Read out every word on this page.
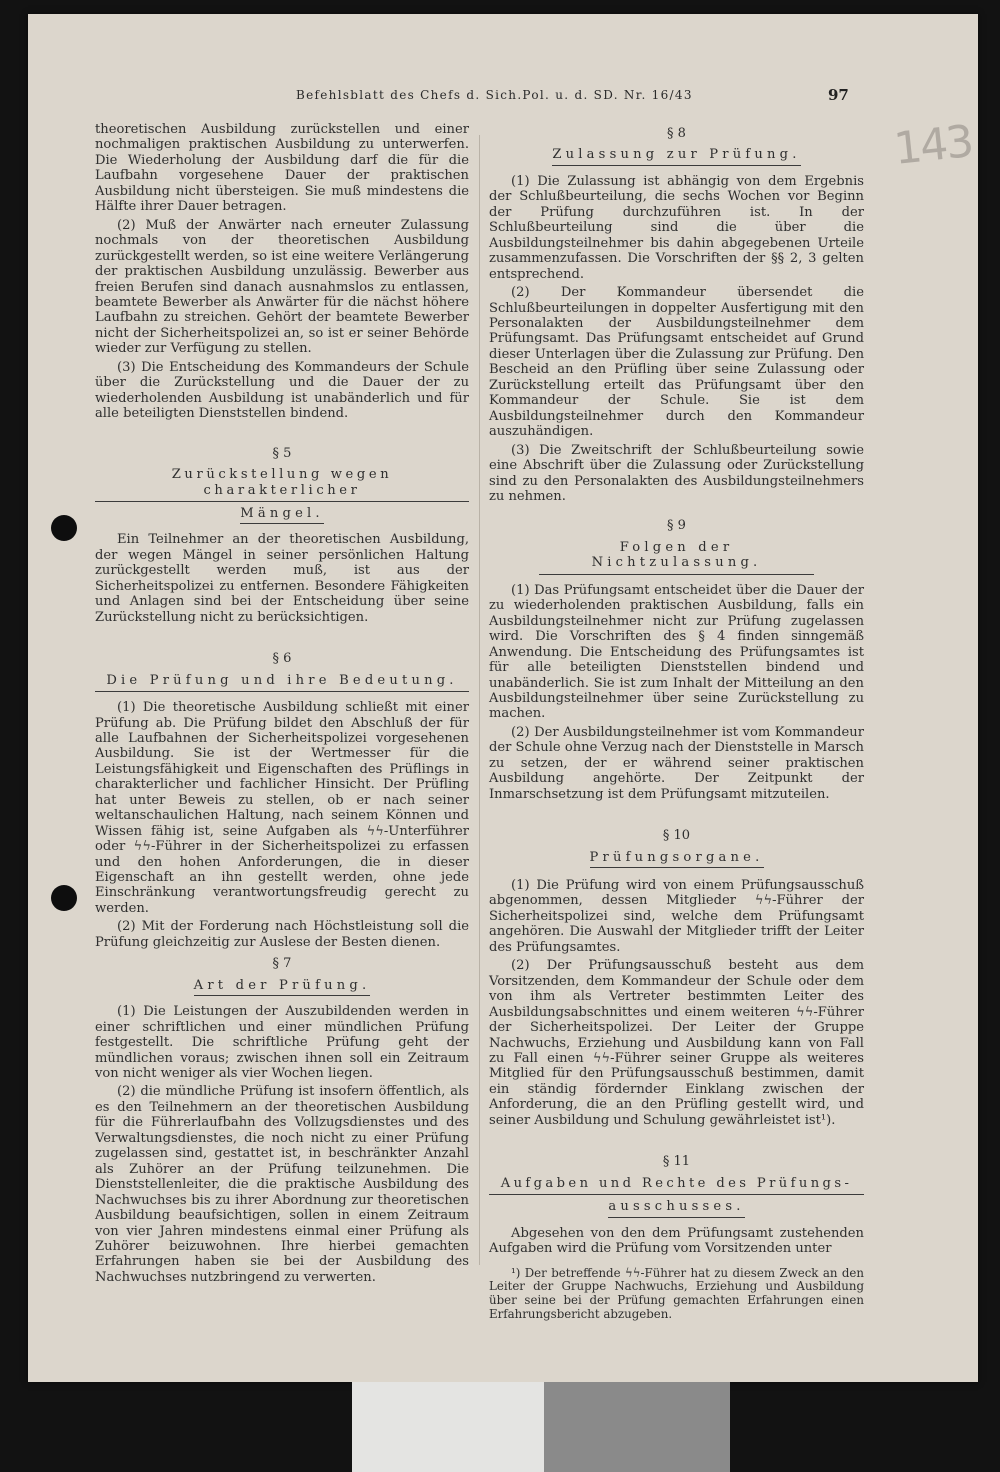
Befehlsblatt des Chefs d. Sich.Pol. u. d. SD. Nr. 16/43	97
143

theoretischen Ausbildung zurückstellen und einer nochmaligen praktischen Ausbildung zu unterwerfen. Die Wiederholung der Ausbildung darf die für die Laufbahn vorgesehene Dauer der praktischen Ausbildung nicht übersteigen. Sie muß mindestens die Hälfte ihrer Dauer betragen.

(2) Muß der Anwärter nach erneuter Zulassung nochmals von der theoretischen Ausbildung zurückgestellt werden, so ist eine weitere Verlängerung der praktischen Ausbildung unzulässig. Bewerber aus freien Berufen sind danach ausnahmslos zu entlassen, beamtete Bewerber als Anwärter für die nächst höhere Laufbahn zu streichen. Gehört der beamtete Bewerber nicht der Sicherheitspolizei an, so ist er seiner Behörde wieder zur Verfügung zu stellen.

(3) Die Entscheidung des Kommandeurs der Schule über die Zurückstellung und die Dauer der zu wiederholenden Ausbildung ist unabänderlich und für alle beteiligten Dienststellen bindend.

§ 5
Zurückstellung wegen charakterlicher
Mängel.

Ein Teilnehmer an der theoretischen Ausbildung, der wegen Mängel in seiner persönlichen Haltung zurückgestellt werden muß, ist aus der Sicherheitspolizei zu entfernen. Besondere Fähigkeiten und Anlagen sind bei der Entscheidung über seine Zurückstellung nicht zu berücksichtigen.

§ 6
Die Prüfung und ihre Bedeutung.

(1) Die theoretische Ausbildung schließt mit einer Prüfung ab. Die Prüfung bildet den Abschluß der für alle Laufbahnen der Sicherheitspolizei vorgesehenen Ausbildung. Sie ist der Wertmesser für die Leistungsfähigkeit und Eigenschaften des Prüflings in charakterlicher und fachlicher Hinsicht. Der Prüfling hat unter Beweis zu stellen, ob er nach seiner weltanschaulichen Haltung, nach seinem Können und Wissen fähig ist, seine Aufgaben als ϟϟ-Unterführer oder ϟϟ-Führer in der Sicherheitspolizei zu erfassen und den hohen Anforderungen, die in dieser Eigenschaft an ihn gestellt werden, ohne jede Einschränkung verantwortungsfreudig gerecht zu werden.

(2) Mit der Forderung nach Höchstleistung soll die Prüfung gleichzeitig zur Auslese der Besten dienen.

§ 7
Art der Prüfung.

(1) Die Leistungen der Auszubildenden werden in einer schriftlichen und einer mündlichen Prüfung festgestellt. Die schriftliche Prüfung geht der mündlichen voraus; zwischen ihnen soll ein Zeitraum von nicht weniger als vier Wochen liegen.

(2) die mündliche Prüfung ist insofern öffentlich, als es den Teilnehmern an der theoretischen Ausbildung für die Führerlaufbahn des Vollzugsdienstes und des Verwaltungsdienstes, die noch nicht zu einer Prüfung zugelassen sind, gestattet ist, in beschränkter Anzahl als Zuhörer an der Prüfung teilzunehmen. Die Dienststellenleiter, die die praktische Ausbildung des Nachwuchses bis zu ihrer Abordnung zur theoretischen Ausbildung beaufsichtigen, sollen in einem Zeitraum von vier Jahren mindestens einmal einer Prüfung als Zuhörer beizuwohnen. Ihre hierbei gemachten Erfahrungen haben sie bei der Ausbildung des Nachwuchses nutzbringend zu verwerten.

§ 8
Zulassung zur Prüfung.

(1) Die Zulassung ist abhängig von dem Ergebnis der Schlußbeurteilung, die sechs Wochen vor Beginn der Prüfung durchzuführen ist. In der Schlußbeurteilung sind die über die Ausbildungsteilnehmer bis dahin abgegebenen Urteile zusammenzufassen. Die Vorschriften der §§ 2, 3 gelten entsprechend.

(2) Der Kommandeur übersendet die Schlußbeurteilungen in doppelter Ausfertigung mit den Personalakten der Ausbildungsteilnehmer dem Prüfungsamt. Das Prüfungsamt entscheidet auf Grund dieser Unterlagen über die Zulassung zur Prüfung. Den Bescheid an den Prüfling über seine Zulassung oder Zurückstellung erteilt das Prüfungsamt über den Kommandeur der Schule. Sie ist dem Ausbildungsteilnehmer durch den Kommandeur auszuhändigen.

(3) Die Zweitschrift der Schlußbeurteilung sowie eine Abschrift über die Zulassung oder Zurückstellung sind zu den Personalakten des Ausbildungsteilnehmers zu nehmen.

§ 9
Folgen der Nichtzulassung.

(1) Das Prüfungsamt entscheidet über die Dauer der zu wiederholenden praktischen Ausbildung, falls ein Ausbildungsteilnehmer nicht zur Prüfung zugelassen wird. Die Vorschriften des § 4 finden sinngemäß Anwendung. Die Entscheidung des Prüfungsamtes ist für alle beteiligten Dienststellen bindend und unabänderlich. Sie ist zum Inhalt der Mitteilung an den Ausbildungsteilnehmer über seine Zurückstellung zu machen.

(2) Der Ausbildungsteilnehmer ist vom Kommandeur der Schule ohne Verzug nach der Dienststelle in Marsch zu setzen, der er während seiner praktischen Ausbildung angehörte. Der Zeitpunkt der Inmarschsetzung ist dem Prüfungsamt mitzuteilen.

§ 10
Prüfungsorgane.

(1) Die Prüfung wird von einem Prüfungsausschuß abgenommen, dessen Mitglieder ϟϟ-Führer der Sicherheitspolizei sind, welche dem Prüfungsamt angehören. Die Auswahl der Mitglieder trifft der Leiter des Prüfungsamtes.

(2) Der Prüfungsausschuß besteht aus dem Vorsitzenden, dem Kommandeur der Schule oder dem von ihm als Vertreter bestimmten Leiter des Ausbildungsabschnittes und einem weiteren ϟϟ-Führer der Sicherheitspolizei. Der Leiter der Gruppe Nachwuchs, Erziehung und Ausbildung kann von Fall zu Fall einen ϟϟ-Führer seiner Gruppe als weiteres Mitglied für den Prüfungsausschuß bestimmen, damit ein ständig fördernder Einklang zwischen der Anforderung, die an den Prüfling gestellt wird, und seiner Ausbildung und Schulung gewährleistet ist¹).

§ 11
Aufgaben und Rechte des Prüfungs-
ausschusses.

Abgesehen von den dem Prüfungsamt zustehenden Aufgaben wird die Prüfung vom Vorsitzenden unter

¹) Der betreffende ϟϟ-Führer hat zu diesem Zweck an den Leiter der Gruppe Nachwuchs, Erziehung und Ausbildung über seine bei der Prüfung gemachten Erfahrungen einen Erfahrungsbericht abzugeben.
